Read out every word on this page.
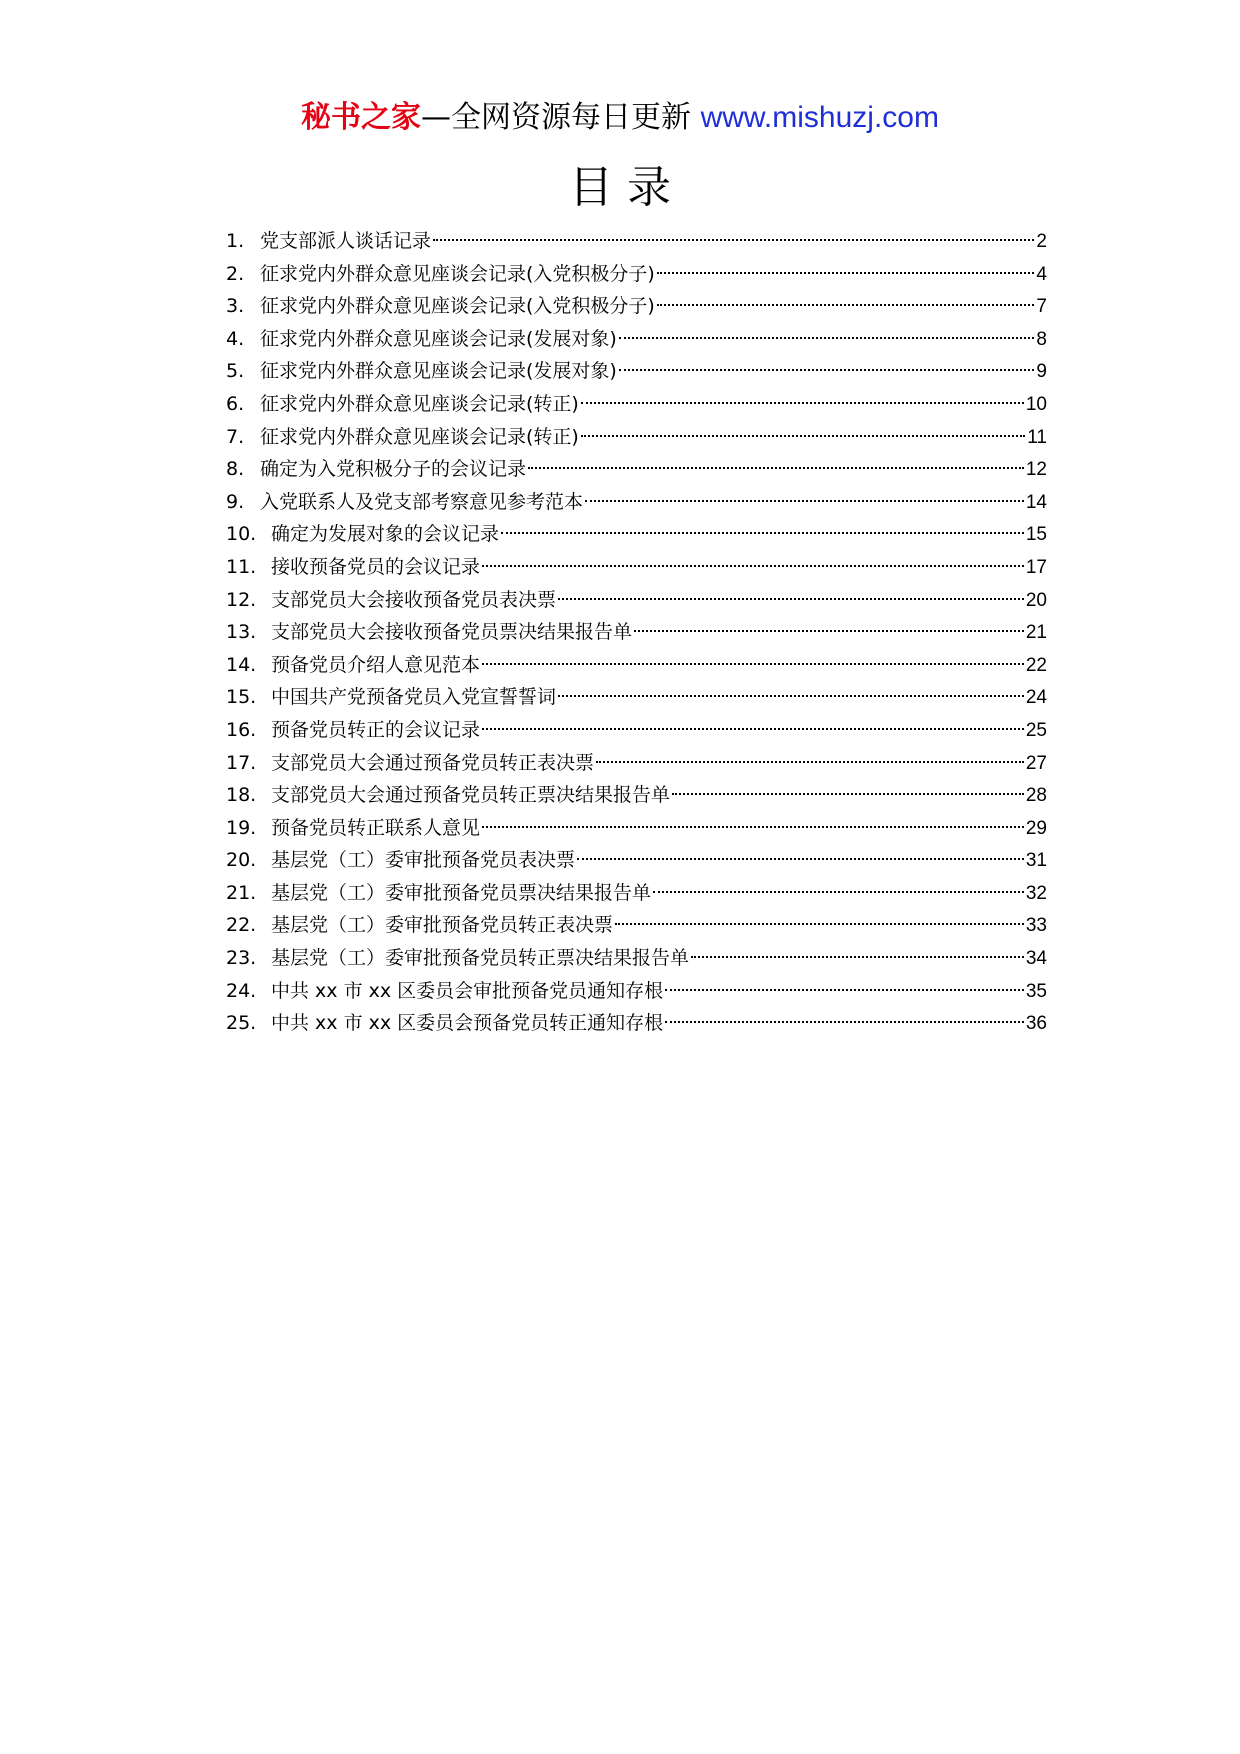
秘书之家—全网资源每日更新 www.mishuzj.com
目录
1. 党支部派人谈话记录	2
2. 征求党内外群众意见座谈会记录(入党积极分子)	4
3. 征求党内外群众意见座谈会记录(入党积极分子)	7
4. 征求党内外群众意见座谈会记录(发展对象)	8
5. 征求党内外群众意见座谈会记录(发展对象)	9
6. 征求党内外群众意见座谈会记录(转正)	10
7. 征求党内外群众意见座谈会记录(转正)	11
8. 确定为入党积极分子的会议记录	12
9. 入党联系人及党支部考察意见参考范本	14
10. 确定为发展对象的会议记录	15
11. 接收预备党员的会议记录	17
12. 支部党员大会接收预备党员表决票	20
13. 支部党员大会接收预备党员票决结果报告单	21
14. 预备党员介绍人意见范本	22
15. 中国共产党预备党员入党宣誓誓词	24
16. 预备党员转正的会议记录	25
17. 支部党员大会通过预备党员转正表决票	27
18. 支部党员大会通过预备党员转正票决结果报告单	28
19. 预备党员转正联系人意见	29
20. 基层党（工）委审批预备党员表决票	31
21. 基层党（工）委审批预备党员票决结果报告单	32
22. 基层党（工）委审批预备党员转正表决票	33
23. 基层党（工）委审批预备党员转正票决结果报告单	34
24. 中共 xx 市 xx 区委员会审批预备党员通知存根	35
25. 中共 xx 市 xx 区委员会预备党员转正通知存根	36
